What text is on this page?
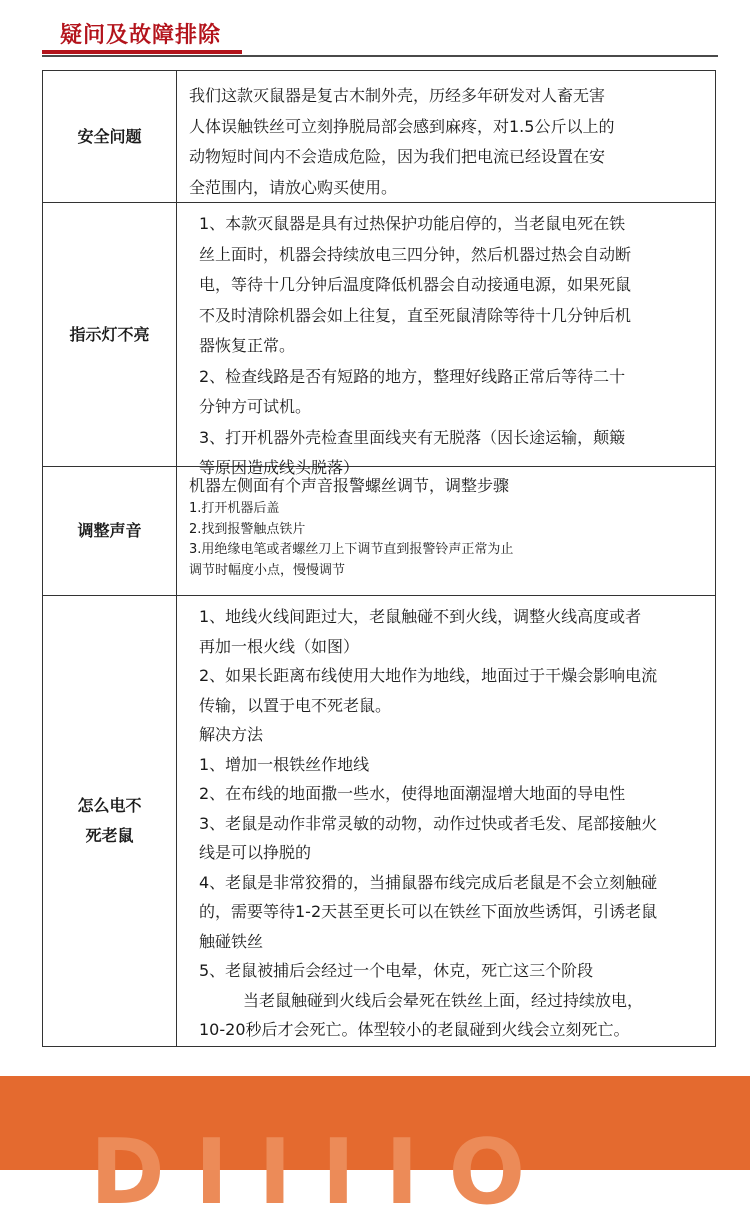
疑问及故障排除
安全问题
我们这款灭鼠器是复古木制外壳，历经多年研发对人畜无害
人体误触铁丝可立刻挣脱局部会感到麻疼，对1.5公斤以上的
动物短时间内不会造成危险，因为我们把电流已经设置在安
全范围内，请放心购买使用。
指示灯不亮
1、本款灭鼠器是具有过热保护功能启停的，当老鼠电死在铁
丝上面时，机器会持续放电三四分钟，然后机器过热会自动断
电，等待十几分钟后温度降低机器会自动接通电源，如果死鼠
不及时清除机器会如上往复，直至死鼠清除等待十几分钟后机
器恢复正常。
2、检查线路是否有短路的地方，整理好线路正常后等待二十
分钟方可试机。
3、打开机器外壳检查里面线夹有无脱落（因长途运输，颠簸
等原因造成线头脱落）
调整声音
机器左侧面有个声音报警螺丝调节，调整步骤
1.打开机器后盖
2.找到报警触点铁片
3.用绝缘电笔或者螺丝刀上下调节直到报警铃声正常为止
调节时幅度小点，慢慢调节
怎么电不
死老鼠
1、地线火线间距过大，老鼠触碰不到火线，调整火线高度或者
再加一根火线（如图）
2、如果长距离布线使用大地作为地线，地面过于干燥会影响电流
传输，以置于电不死老鼠。
解决方法
1、增加一根铁丝作地线
2、在布线的地面撒一些水，使得地面潮湿增大地面的导电性
3、老鼠是动作非常灵敏的动物，动作过快或者毛发、尾部接触火
线是可以挣脱的
4、老鼠是非常狡猾的，当捕鼠器布线完成后老鼠是不会立刻触碰
的，需要等待1-2天甚至更长可以在铁丝下面放些诱饵，引诱老鼠
触碰铁丝
5、老鼠被捕后会经过一个电晕，休克，死亡这三个阶段
当老鼠触碰到火线后会晕死在铁丝上面，经过持续放电，
10-20秒后才会死亡。体型较小的老鼠碰到火线会立刻死亡。
DIIIIO
